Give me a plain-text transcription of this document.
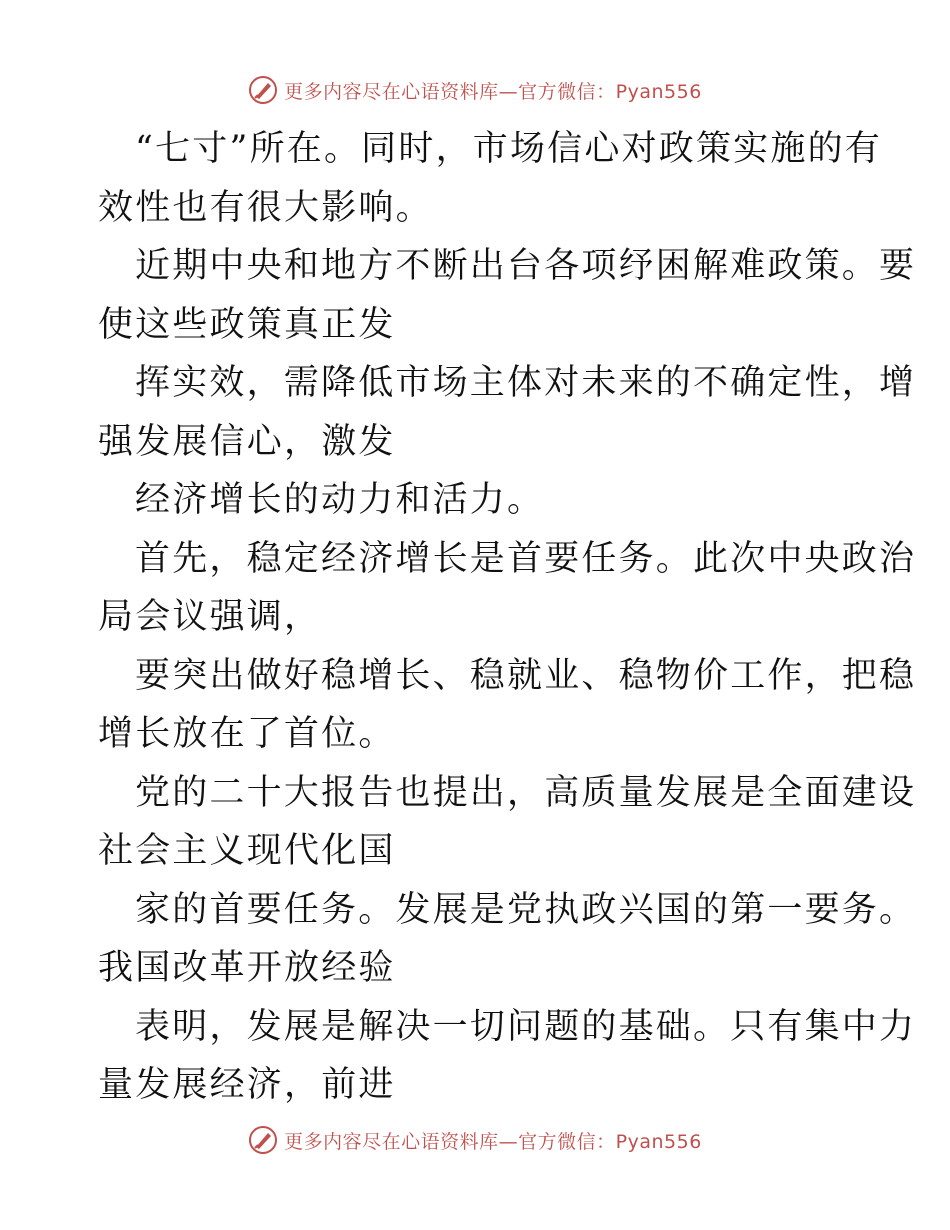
更多内容尽在心语资料库—官方微信：Pyan556
“七寸”所在。同时，市场信心对政策实施的有
效性也有很大影响。
近期中央和地方不断出台各项纾困解难政策。要
使这些政策真正发
挥实效，需降低市场主体对未来的不确定性，增
强发展信心，激发
经济增长的动力和活力。
首先，稳定经济增长是首要任务。此次中央政治
局会议强调，
要突出做好稳增长、稳就业、稳物价工作，把稳
增长放在了首位。
党的二十大报告也提出，高质量发展是全面建设
社会主义现代化国
家的首要任务。发展是党执政兴国的第一要务。
我国改革开放经验
表明，发展是解决一切问题的基础。只有集中力
量发展经济，前进
更多内容尽在心语资料库—官方微信：Pyan556
